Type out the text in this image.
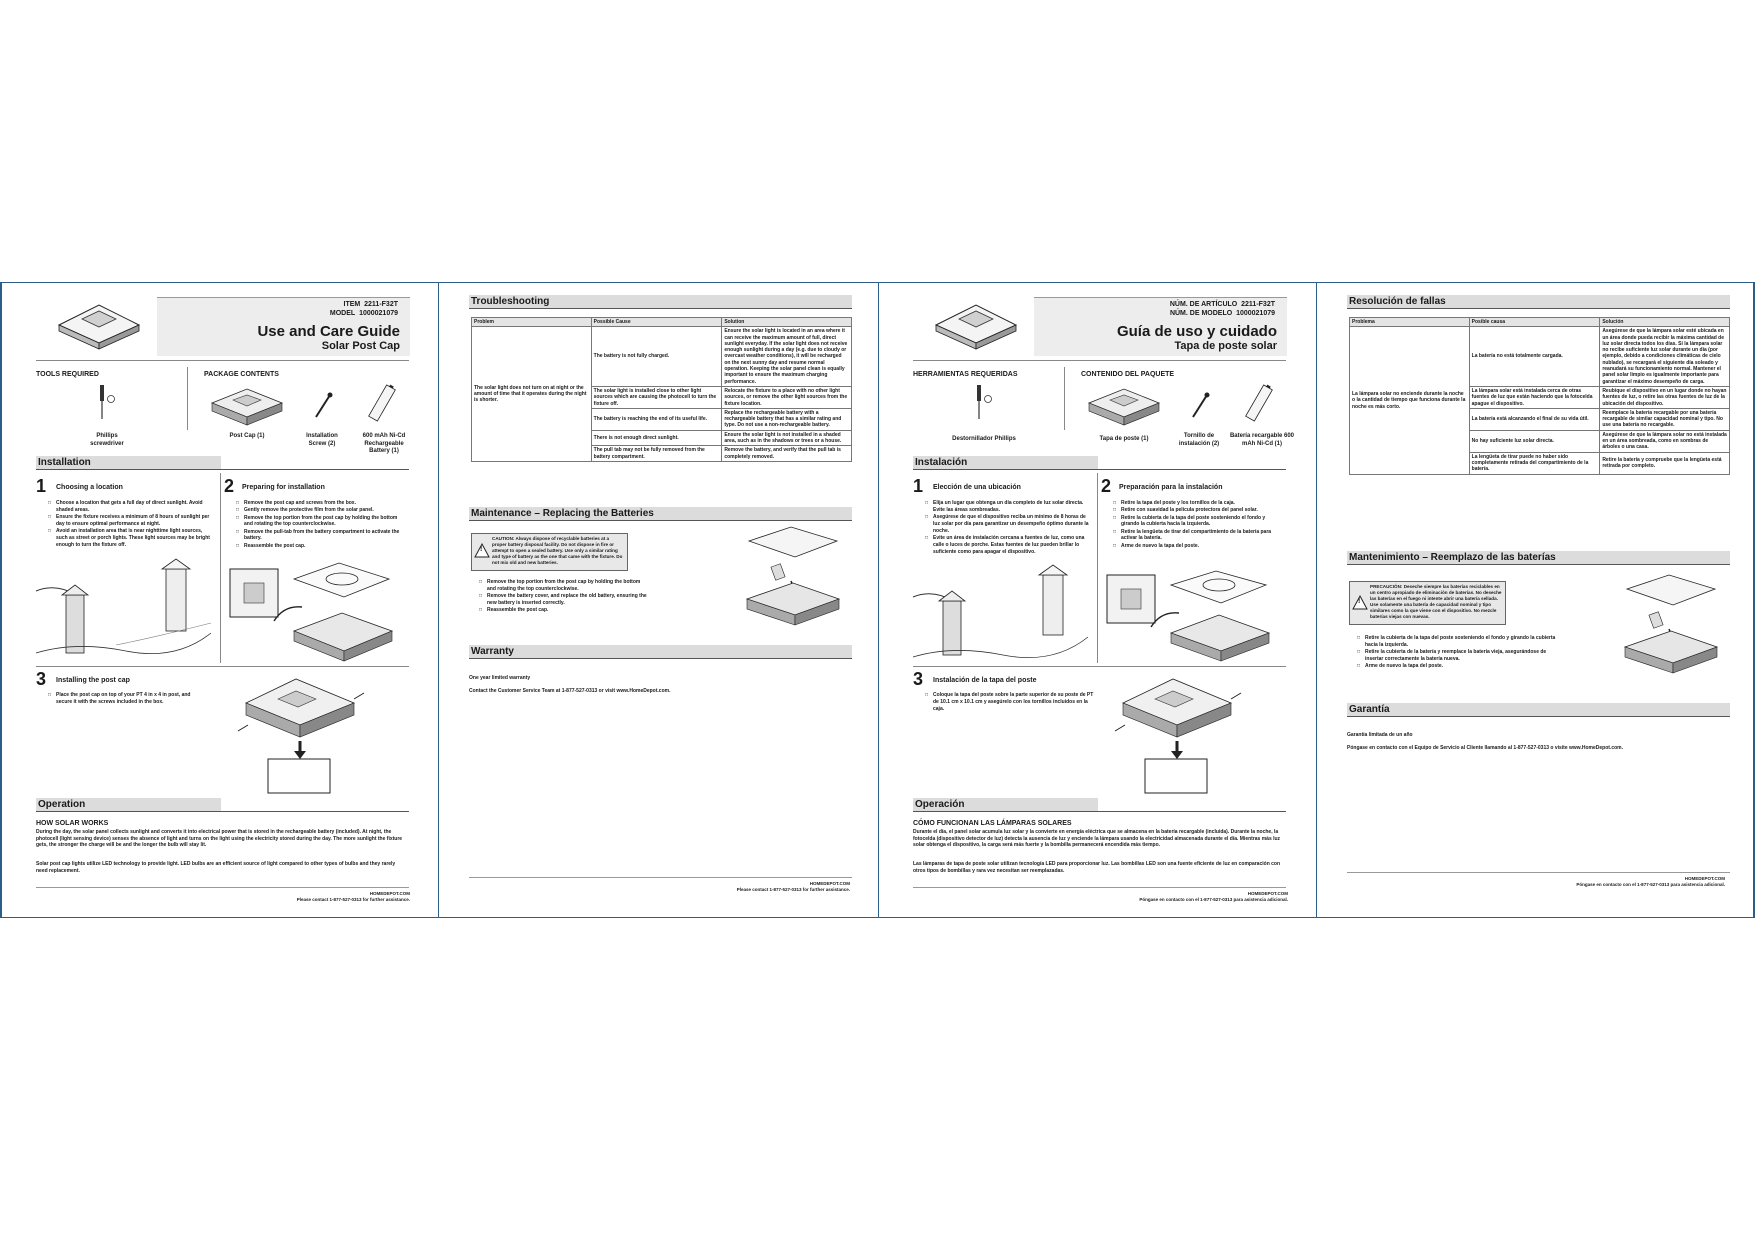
ITEM 2211-F32T
MODEL 1000021079
Use and Care Guide
Solar Post Cap
TOOLS REQUIRED	PACKAGE CONTENTS
Phillips
screwdriver
Post Cap (1)	Installation
Screw (2)
600 mAh Ni-Cd
Rechargeable Battery (1)
Installation
1 Choosing a location
□ Choose a location that gets a full day of direct sunlight. Avoid shaded areas.
□ Ensure the fixture receives a minimum of 8 hours of sunlight per day to ensure optimal performance at night.
□ Avoid an installation area that is near nighttime light sources, such as street or porch lights. These light sources may be bright enough to turn the fixture off.
2 Preparing for installation
□ Remove the post cap and screws from the box.
□ Gently remove the protective film from the solar panel.
□ Remove the top portion from the post cap by holding the bottom and rotating the top counterclockwise.
□ Remove the pull-tab from the battery compartment to activate the battery.
□ Reassemble the post cap.
3 Installing the post cap
□ Place the post cap on top of your PT 4 in x 4 in post, and secure it with the screws included in the box.
Operation
HOW SOLAR WORKS
During the day, the solar panel collects sunlight and converts it into electrical power that is stored in the rechargeable battery (included). At night, the photocell (light sensing device) senses the absence of light and turns on the light using the electricity stored during the day. The more sunlight the fixture gets, the stronger the charge will be and the longer the bulb will stay lit.
Solar post cap lights utilize LED technology to provide light. LED bulbs are an efficient source of light compared to other types of bulbs and they rarely need replacement.
HOMEDEPOT.COM
Please contact 1-877-527-0313 for further assistance.
Troubleshooting
Problem	Possible Cause	Solution
The solar light does not turn on at night or the amount of time that it operates during the night is shorter.	The battery is not fully charged.	Ensure the solar light is located in an area where it can receive the maximum amount of full, direct sunlight everyday. If the solar light does not receive enough sunlight during a day (e.g. due to cloudy or overcast weather conditions), it will be recharged on the next sunny day and resume normal operation. Keeping the solar panel clean is equally important to ensure the maximum charging performance.
	The solar light is installed close to other light sources which are causing the photocell to turn the fixture off.	Relocate the fixture to a place with no other light sources, or remove the other light sources from the fixture location.
	The battery is reaching the end of its useful life.	Replace the rechargeable battery with a rechargeable battery that has a similar rating and type. Do not use a non-rechargeable battery.
	There is not enough direct sunlight.	Ensure the solar light is not installed in a shaded area, such as in the shadows or trees or a house.
	The pull tab may not be fully removed from the battery compartment.	Remove the battery, and verify that the pull tab is completely removed.
Maintenance – Replacing the Batteries
!
CAUTION: Always dispose of recyclable batteries at a proper battery disposal facility. Do not dispose in fire or attempt to open a sealed battery. Use only a similar rating and type of battery as the one that came with the fixture. Do not mix old and new batteries.
□ Remove the top portion from the post cap by holding the bottom and rotating the top counterclockwise.
□ Remove the battery cover, and replace the old battery, ensuring the new battery is inserted correctly.
□ Reassemble the post cap.
Warranty
One year limited warranty
Contact the Customer Service Team at 1-877-527-0313 or visit www.HomeDepot.com.
HOMEDEPOT.COM
Please contact 1-877-527-0313 for further assistance.
NÚM. DE ARTÍCULO 2211-F32T
NÚM. DE MODELO 1000021079
Guía de uso y cuidado
Tapa de poste solar
HERRAMIENTAS REQUERIDAS	CONTENIDO DEL PAQUETE
Destornillador Phillips	Tapa de poste (1)	Tornillo de
instalación (2)
Batería recargable 600
mAh Ni-Cd (1)
Instalación
1 Elección de una ubicación
□ Elija un lugar que obtenga un día completo de luz solar directa. Evite las áreas sombreadas.
□ Asegúrese de que el dispositivo reciba un mínimo de 8 horas de luz solar por día para garantizar un desempeño óptimo durante la noche.
□ Evite un área de instalación cercana a fuentes de luz, como una calle o luces de porche. Estas fuentes de luz pueden brillar lo suficiente como para apagar el dispositivo.
2 Preparación para la instalación
□ Retire la tapa del poste y los tornillos de la caja.
□ Retire con suavidad la película protectora del panel solar.
□ Retire la cubierta de la tapa del poste sosteniendo el fondo y girando la cubierta hacia la izquierda.
□ Retire la lengüeta de tirar del compartimiento de la batería para activar la batería.
□ Arme de nuevo la tapa del poste.
3 Instalación de la tapa del poste
□ Coloque la tapa del poste sobre la parte superior de su poste de PT de 10.1 cm x 10.1 cm y asegúrelo con los tornillos incluidos en la caja.
Operación
CÓMO FUNCIONAN LAS LÁMPARAS SOLARES
Durante el día, el panel solar acumula luz solar y la convierte en energía eléctrica que se almacena en la batería recargable (incluida). Durante la noche, la fotocelda (dispositivo detector de luz) detecta la ausencia de luz y enciende la lámpara usando la electricidad almacenada durante el día. Mientras más luz solar obtenga el dispositivo, la carga será más fuerte y la bombilla permanecerá encendida más tiempo.
Las lámparas de tapa de poste solar utilizan tecnología LED para proporcionar luz. Las bombillas LED son una fuente eficiente de luz en comparación con otros tipos de bombillas y rara vez necesitan ser reemplazadas.
HOMEDEPOT.COM
Póngase en contacto con el 1-877-527-0313 para asistencia adicional.
Resolución de fallas
Problema	Posible causa	Solución
La lámpara solar no enciende durante la noche o la cantidad de tiempo que funciona durante la noche es más corto.	La batería no está totalmente cargada.	Asegúrese de que la lámpara solar esté ubicada en un área donde pueda recibir la máxima cantidad de luz solar directa todos los días. Si la lámpara solar no recibe suficiente luz solar durante un día (por ejemplo, debido a condiciones climáticas de cielo nublado), se recargará el siguiente día soleado y reanudará su funcionamiento normal. Mantener el panel solar limpio es igualmente importante para garantizar el máximo desempeño de carga.
	La lámpara solar está instalada cerca de otras fuentes de luz que están haciendo que la fotocelda apague el dispositivo.	Reubique el dispositivo en un lugar donde no hayan fuentes de luz, o retire las otras fuentes de luz de la ubicación del dispositivo.
	La batería está alcanzando el final de su vida útil.	Reemplace la batería recargable por una batería recargable de similar capacidad nominal y tipo. No use una batería no recargable.
	No hay suficiente luz solar directa.	Asegúrese de que la lámpara solar no está instalada en un área sombreada, como en sombras de árboles o una casa.
	La lengüeta de tirar puede no haber sido completamente retirada del compartimiento de la batería.	Retire la batería y compruebe que la lengüeta está retirada por completo.
Mantenimiento – Reemplazo de las baterías
!
PRECAUCIÓN: Deseche siempre las baterías reciclables en un centro apropiado de eliminación de baterías. No deseche las baterías en el fuego ni intente abrir una batería sellada. Use solamente una batería de capacidad nominal y tipo similares como la que viene con el dispositivo. No mezcle baterías viejas con nuevas.
□ Retire la cubierta de la tapa del poste sosteniendo el fondo y girando la cubierta hacia la izquierda.
□ Retire la cubierta de la batería y reemplace la batería vieja, asegurándose de insertar correctamente la batería nueva.
□ Arme de nuevo la tapa del poste.
Garantía
Garantía limitada de un año
Póngase en contacto con el Equipo de Servicio al Cliente llamando al 1-877-527-0313 o visite www.HomeDepot.com.
HOMEDEPOT.COM
Póngase en contacto con el 1-877-527-0313 para asistencia adicional.
